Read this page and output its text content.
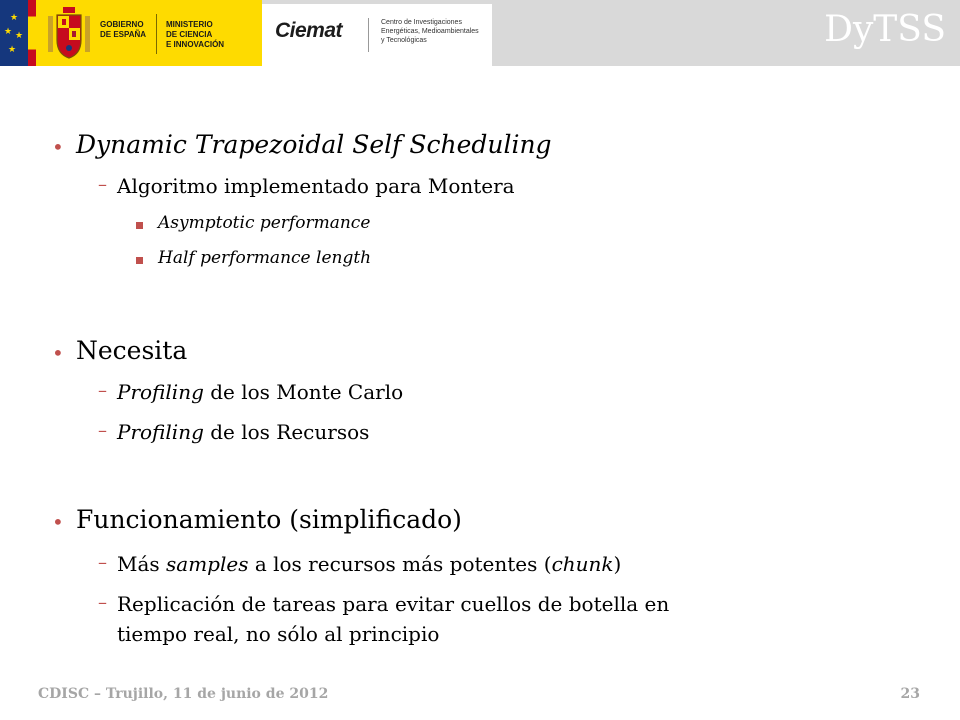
★
★ ★
★
GOBIERNO
DE ESPAÑA
MINISTERIO
DE CIENCIA
E INNOVACIÓN
Ciemat	Centro de Investigaciones
Energéticas, Medioambientales
y Tecnológicas	DyTSS
• Dynamic Trapezoidal Self Scheduling
– Algoritmo implementado para Montera
Asymptotic performance
Half performance length
• Necesita
– Profiling de los Monte Carlo
– Profiling de los Recursos
• Funcionamiento (simplificado)
– Más samples a los recursos más potentes (chunk)
– Replicación de tareas para evitar cuellos de botella en
tiempo real, no sólo al principio
CDISC – Trujillo, 11 de junio de 2012	23
